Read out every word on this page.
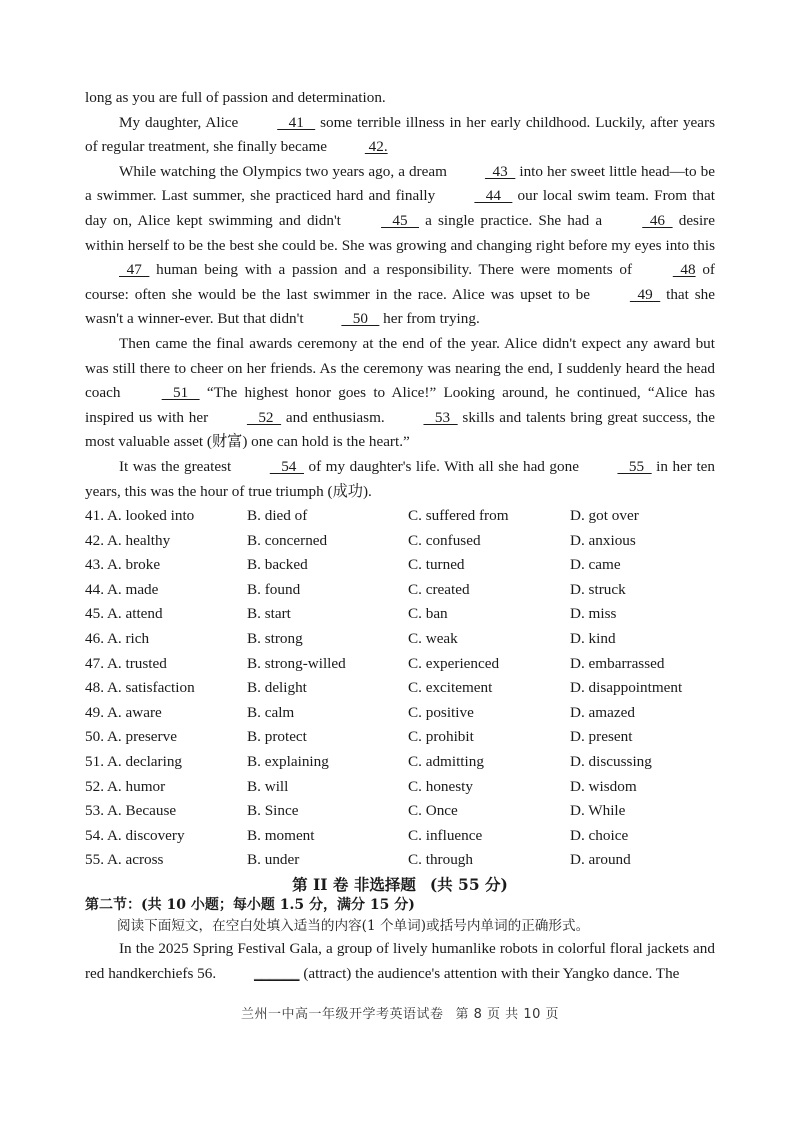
long as you are full of passion and determination.

My daughter, Alice    41    some terrible illness in her early childhood. Luckily, after years of regular treatment, she finally became  42.

While watching the Olympics two years ago, a dream   43   into her sweet little head—to be a swimmer. Last summer, she practiced hard and finally    44    our local swim team. From that day on, Alice kept swimming and didn't    45    a single practice. She had a   46   desire within herself to be the best she could be. She was growing and changing right before my eyes into this   47   human being with a passion and a responsibility. There were moments of   48 of course: often she would be the last swimmer in the race. Alice was upset to be   49   that she wasn't a winner-ever. But that didn't    50    her from trying.

Then came the final awards ceremony at the end of the year. Alice didn't expect any award but was still there to cheer on her friends. As the ceremony was nearing the end, I suddenly heard the head coach    51    “The highest honor goes to Alice!” Looking around, he continued, “Alice has inspired us with her    52   and enthusiasm.    53   skills and talents bring great success, the most valuable asset (财富) one can hold is the heart.”

It was the greatest    54   of my daughter's life. With all she had gone    55   in her ten years, this was the hour of true triumph (成功).

41. A. looked into	B. died of	C. suffered from	D. got over
42. A. healthy	B. concerned	C. confused	D. anxious
43. A. broke	B. backed	C. turned	D. came
44. A. made	B. found	C. created	D. struck
45. A. attend	B. start	C. ban	D. miss
46. A. rich	B. strong	C. weak	D. kind
47. A. trusted	B. strong-willed	C. experienced	D. embarrassed
48. A. satisfaction	B. delight	C. excitement	D. disappointment
49. A. aware	B. calm	C. positive	D. amazed
50. A. preserve	B. protect	C. prohibit	D. present
51. A. declaring	B. explaining	C. admitting	D. discussing
52. A. humor	B. will	C. honesty	D. wisdom
53. A. Because	B. Since	C. Once	D. While
54. A. discovery	B. moment	C. influence	D. choice
55. A. across	B. under	C. through	D. around
第 II 卷 非选择题 (共 55 分)
第二节：(共 10 小题；每小题 1.5 分，满分 15 分)
阅读下面短文，在空白处填入适当的内容(1 个单词)或括号内单词的正确形式。

In the 2025 Spring Festival Gala, a group of lively humanlike robots in colorful floral jackets and red handkerchiefs 56. ______ (attract) the audience's attention with their Yangko dance. The

兰州一中高一年级开学考英语试卷 第 8 页 共 10 页
